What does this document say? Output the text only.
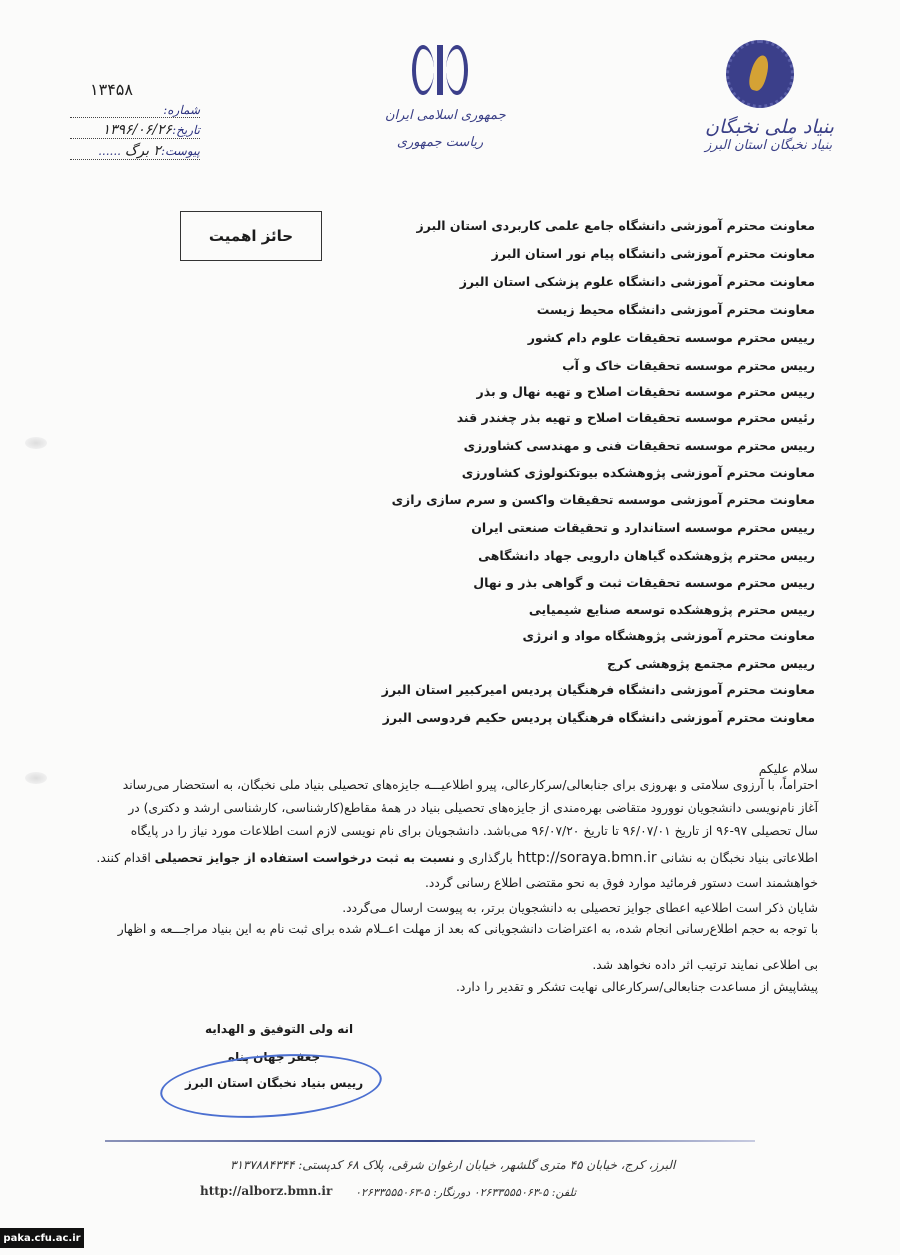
بنیاد ملی نخبگان
بنیاد نخبگان استان البرز
جمهوری اسلامی ایران
ریاست جمهوری
۱۳۴۵۸
شماره:
تاریخ:۱۳۹۶/۰۶/۲۶
پیوست:۲ برگ ......
حائز اهمیت
معاونت محترم آموزشی دانشگاه جامع علمی کاربردی استان البرز
معاونت محترم آموزشی دانشگاه پیام نور استان البرز
معاونت محترم آموزشی دانشگاه علوم پزشکی استان البرز
معاونت محترم آموزشی دانشگاه محیط زیست
رییس محترم موسسه تحقیقات علوم دام کشور
رییس محترم موسسه تحقیقات خاک و آب
رییس محترم موسسه تحقیقات اصلاح و تهیه نهال و بذر
رئیس محترم موسسه تحقیقات اصلاح و تهیه بذر چغندر قند
رییس محترم موسسه تحقیقات فنی و مهندسی کشاورزی
معاونت محترم آموزشی پژوهشکده بیوتکنولوژی کشاورزی
معاونت محترم آموزشی موسسه تحقیقات واکسن و سرم سازی رازی
رییس محترم موسسه استاندارد و تحقیقات صنعتی ایران
رییس محترم پژوهشکده گیاهان دارویی جهاد دانشگاهی
رییس محترم موسسه تحقیقات ثبت و گواهی بذر و نهال
رییس محترم پژوهشکده توسعه صنایع شیمیایی
معاونت محترم آموزشی پژوهشگاه مواد و انرژی
رییس محترم مجتمع پژوهشی کرج
معاونت محترم آموزشی دانشگاه فرهنگیان پردیس امیرکبیر استان البرز
معاونت محترم آموزشی دانشگاه فرهنگیان پردیس حکیم فردوسی البرز
سلام علیکم
احتراماً، با آرزوی سلامتی و بهروزی برای جنابعالی/سرکارعالی، پیرو اطلاعیـــه جایزه‌های تحصیلی بنیاد ملی نخبگان، به استحضار می‌رساند
آغاز نام‌نویسی دانشجویان نوورود متقاضی بهره‌مندی از جایزه‌های تحصیلی بنیاد در همهٔ مقاطع(کارشناسی، کارشناسی ارشد و دکتری) در
سال تحصیلی ۹۷-۹۶ از تاریخ ۹۶/۰۷/۰۱ تا تاریخ ۹۶/۰۷/۲۰ می‌باشد. دانشجویان برای نام نویسی لازم است اطلاعات مورد نیاز را در پایگاه
اطلاعاتی بنیاد نخبگان به نشانی http://soraya.bmn.ir بارگذاری و نسبت به ثبت درخواست استفاده از جوایز تحصیلی اقدام کنند.
خواهشمند است دستور فرمائید موارد فوق به نحو مقتضی اطلاع رسانی گردد.
شایان ذکر است اطلاعیه اعطای جوایز تحصیلی به دانشجویان برتر، به پیوست ارسال می‌گردد.
با توجه به حجم اطلاع‌رسانی انجام شده، به اعتراضات دانشجویانی که بعد از مهلت اعــلام شده برای ثبت نام به این بنیاد مراجـــعه و اظهار
بی اطلاعی نمایند ترتیب اثر داده نخواهد شد.
پیشاپیش از مساعدت جنابعالی/سرکارعالی نهایت تشکر و تقدیر را دارد.
انه ولی التوفیق و الهدایه
جعفر جهان پناه
رییس بنیاد نخبگان استان البرز
البرز، کرج، خیابان ۴۵ متری گلشهر، خیابان ارغوان شرقی، پلاک ۶۸ کدپستی: ۳۱۳۷۸۸۴۳۴۴
تلفن: ۵-۰۲۶۳۳۵۵۵۰۶۳ دورنگار: ۵-۰۲۶۳۳۵۵۵۰۶۳
http://alborz.bmn.ir
paka.cfu.ac.ir
